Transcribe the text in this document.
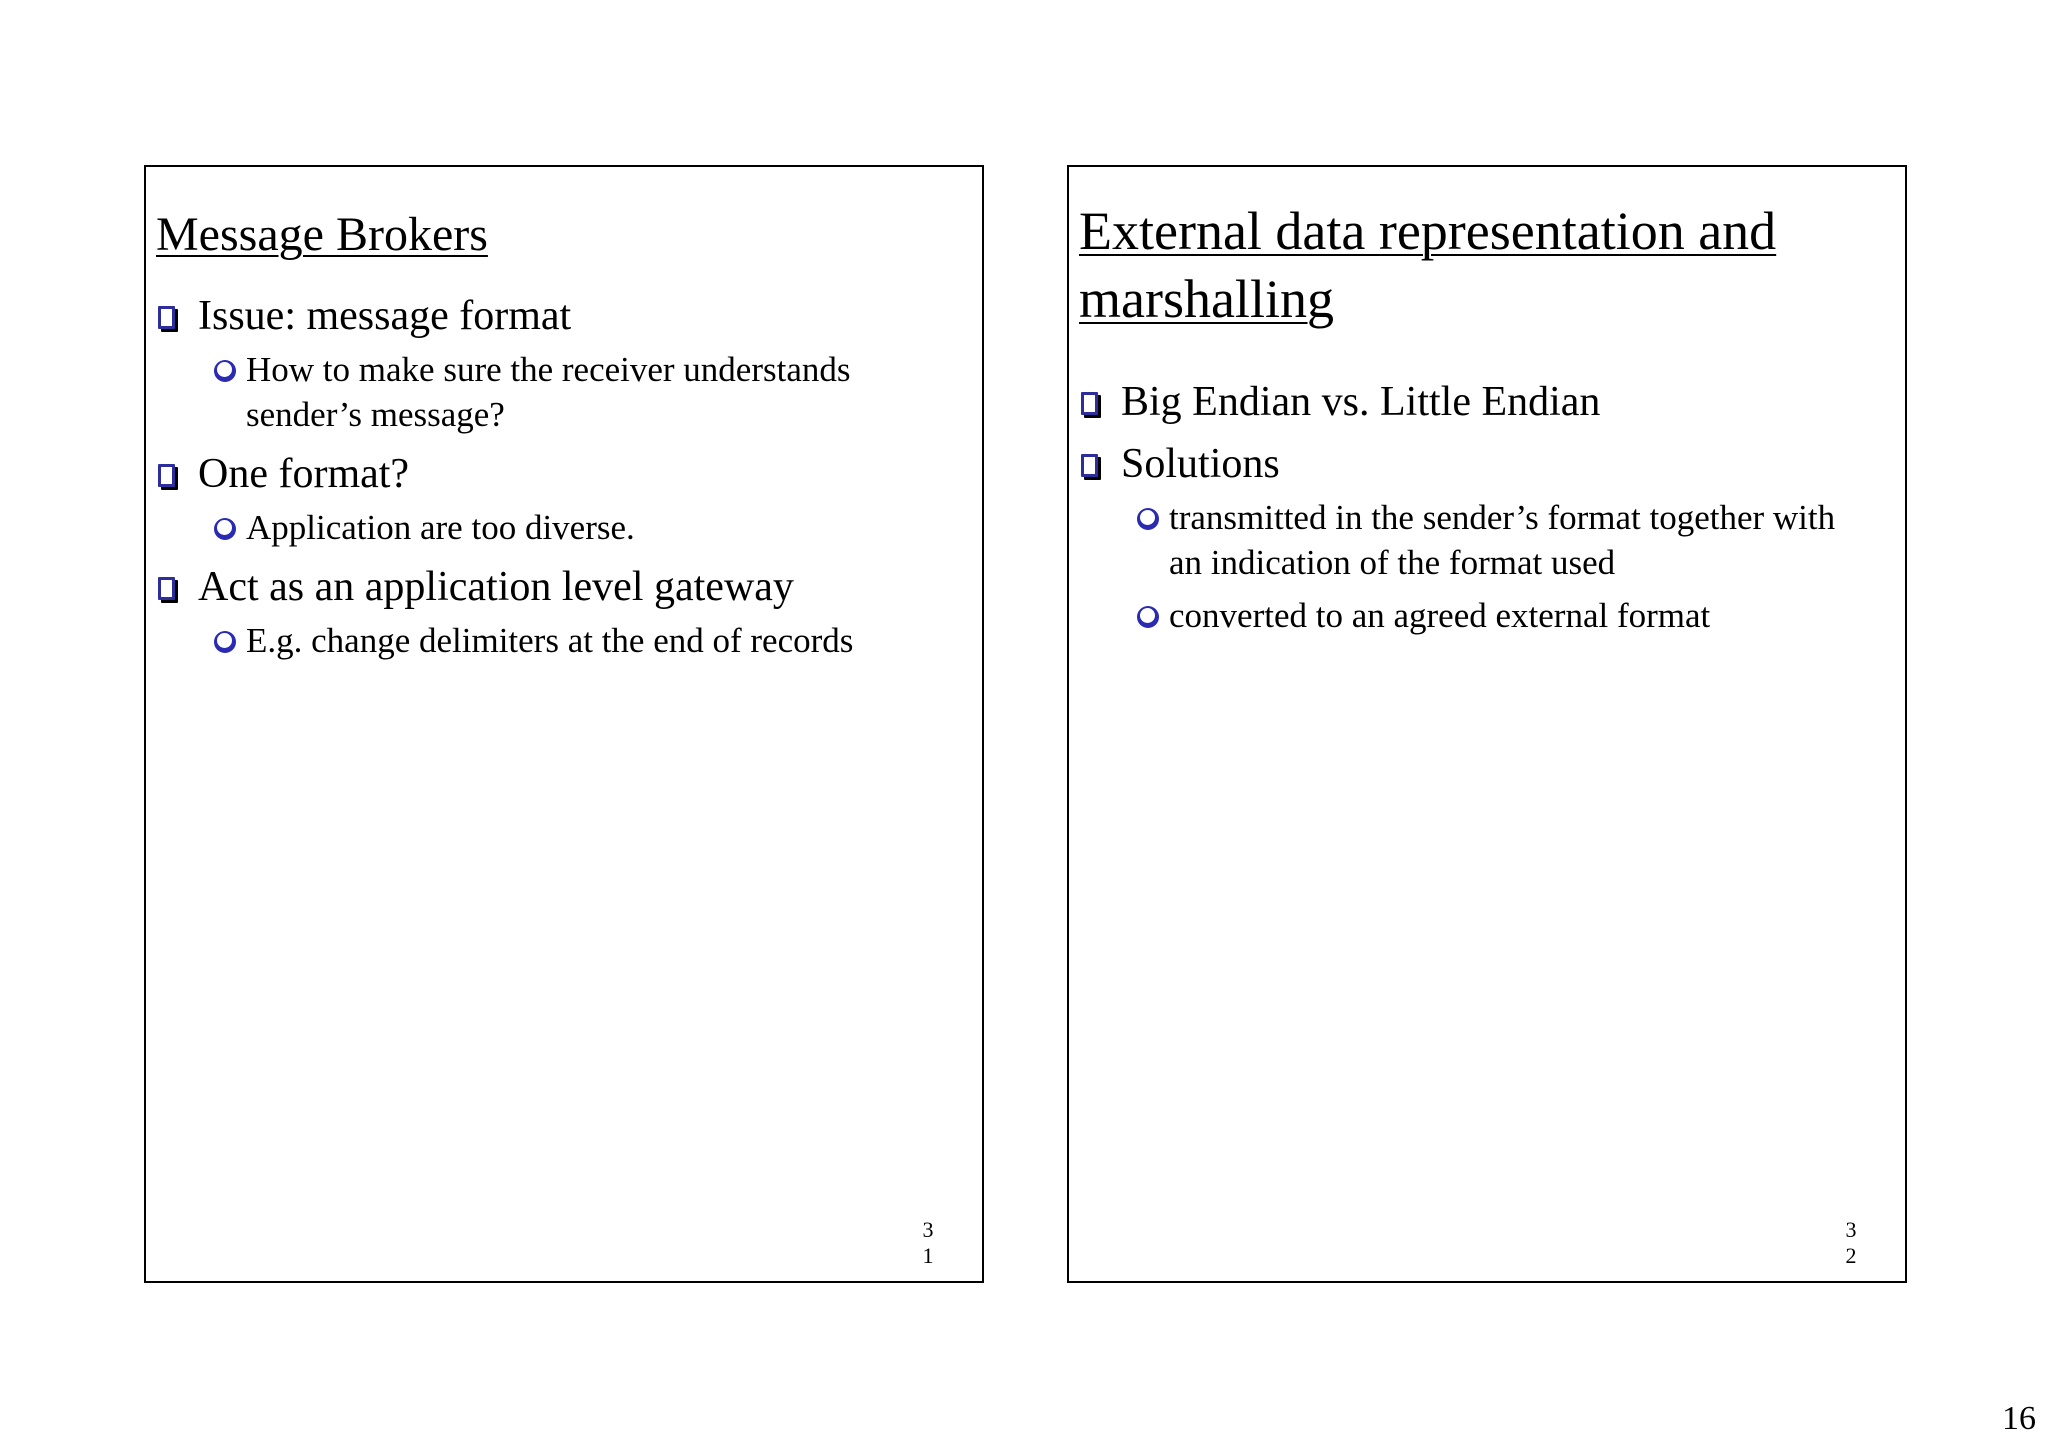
Message Brokers
Issue: message format
How to make sure the receiver understands sender’s message?
One format?
Application are too diverse.
Act as an application level gateway
E.g. change delimiters at the end of records
3
1
External data representation and
marshalling
Big Endian vs. Little Endian
Solutions
transmitted in the sender’s format together with an indication of the format used
converted to an agreed external format
3
2
16
